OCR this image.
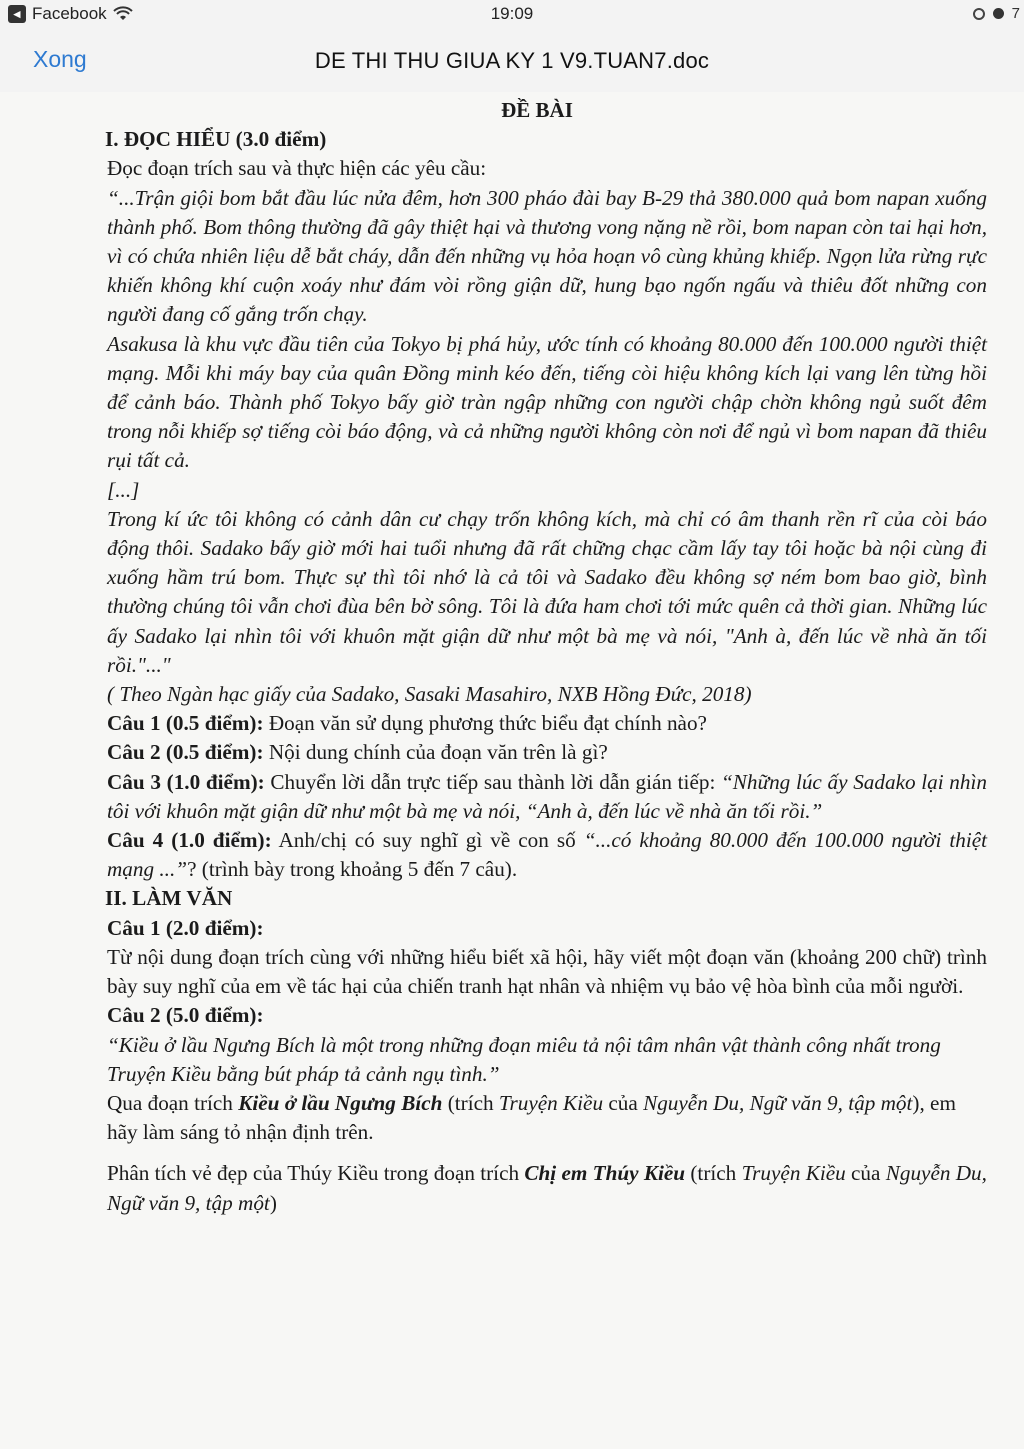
◂ Facebook	19:09	7
Xong	DE THI THU GIUA KY 1 V9.TUAN7.doc
ĐỀ BÀI
I. ĐỌC HIỂU (3.0 điểm)

Đọc đoạn trích sau và thực hiện các yêu cầu:

“...Trận giội bom bắt đầu lúc nửa đêm, hơn 300 pháo đài bay B-29 thả 380.000 quả bom napan xuống thành phố. Bom thông thường đã gây thiệt hại và thương vong nặng nề rồi, bom napan còn tai hại hơn, vì có chứa nhiên liệu dễ bắt cháy, dẫn đến những vụ hỏa hoạn vô cùng khủng khiếp. Ngọn lửa rừng rực khiến không khí cuộn xoáy như đám vòi rồng giận dữ, hung bạo ngốn ngấu và thiêu đốt những con người đang cố gắng trốn chạy.

Asakusa là khu vực đầu tiên của Tokyo bị phá hủy, ước tính có khoảng 80.000 đến 100.000 người thiệt mạng. Mỗi khi máy bay của quân Đồng minh kéo đến, tiếng còi hiệu không kích lại vang lên từng hồi để cảnh báo. Thành phố Tokyo bấy giờ tràn ngập những con người chập chờn không ngủ suốt đêm trong nỗi khiếp sợ tiếng còi báo động, và cả những người không còn nơi để ngủ vì bom napan đã thiêu rụi tất cả.

[...]

Trong kí ức tôi không có cảnh dân cư chạy trốn không kích, mà chỉ có âm thanh rền rĩ của còi báo động thôi. Sadako bấy giờ mới hai tuổi nhưng đã rất chững chạc cầm lấy tay tôi hoặc bà nội cùng đi xuống hầm trú bom. Thực sự thì tôi nhớ là cả tôi và Sadako đều không sợ ném bom bao giờ, bình thường chúng tôi vẫn chơi đùa bên bờ sông. Tôi là đứa ham chơi tới mức quên cả thời gian. Những lúc ấy Sadako lại nhìn tôi với khuôn mặt giận dữ như một bà mẹ và nói, "Anh à, đến lúc về nhà ăn tối rồi."..."

( Theo Ngàn hạc giấy của Sadako, Sasaki Masahiro, NXB Hồng Đức, 2018)

Câu 1 (0.5 điểm): Đoạn văn sử dụng phương thức biểu đạt chính nào?

Câu 2 (0.5 điểm): Nội dung chính của đoạn văn trên là gì?

Câu 3 (1.0 điểm): Chuyển lời dẫn trực tiếp sau thành lời dẫn gián tiếp: “Những lúc ấy Sadako lại nhìn tôi với khuôn mặt giận dữ như một bà mẹ và nói, “Anh à, đến lúc về nhà ăn tối rồi.”

Câu 4 (1.0 điểm): Anh/chị có suy nghĩ gì về con số “...có khoảng 80.000 đến 100.000 người thiệt mạng ...”? (trình bày trong khoảng 5 đến 7 câu).

II. LÀM VĂN

Câu 1 (2.0 điểm):

Từ nội dung đoạn trích cùng với những hiểu biết xã hội, hãy viết một đoạn văn (khoảng 200 chữ) trình bày suy nghĩ của em về tác hại của chiến tranh hạt nhân và nhiệm vụ bảo vệ hòa bình của mỗi người.

Câu 2 (5.0 điểm):

“Kiều ở lầu Ngưng Bích là một trong những đoạn miêu tả nội tâm nhân vật thành công nhất trong Truyện Kiều bằng bút pháp tả cảnh ngụ tình.”

Qua đoạn trích Kiều ở lầu Ngưng Bích (trích Truyện Kiều của Nguyễn Du, Ngữ văn 9, tập một), em hãy làm sáng tỏ nhận định trên.

Phân tích vẻ đẹp của Thúy Kiều trong đoạn trích Chị em Thúy Kiều (trích Truyện Kiều của Nguyễn Du, Ngữ văn 9, tập một)
